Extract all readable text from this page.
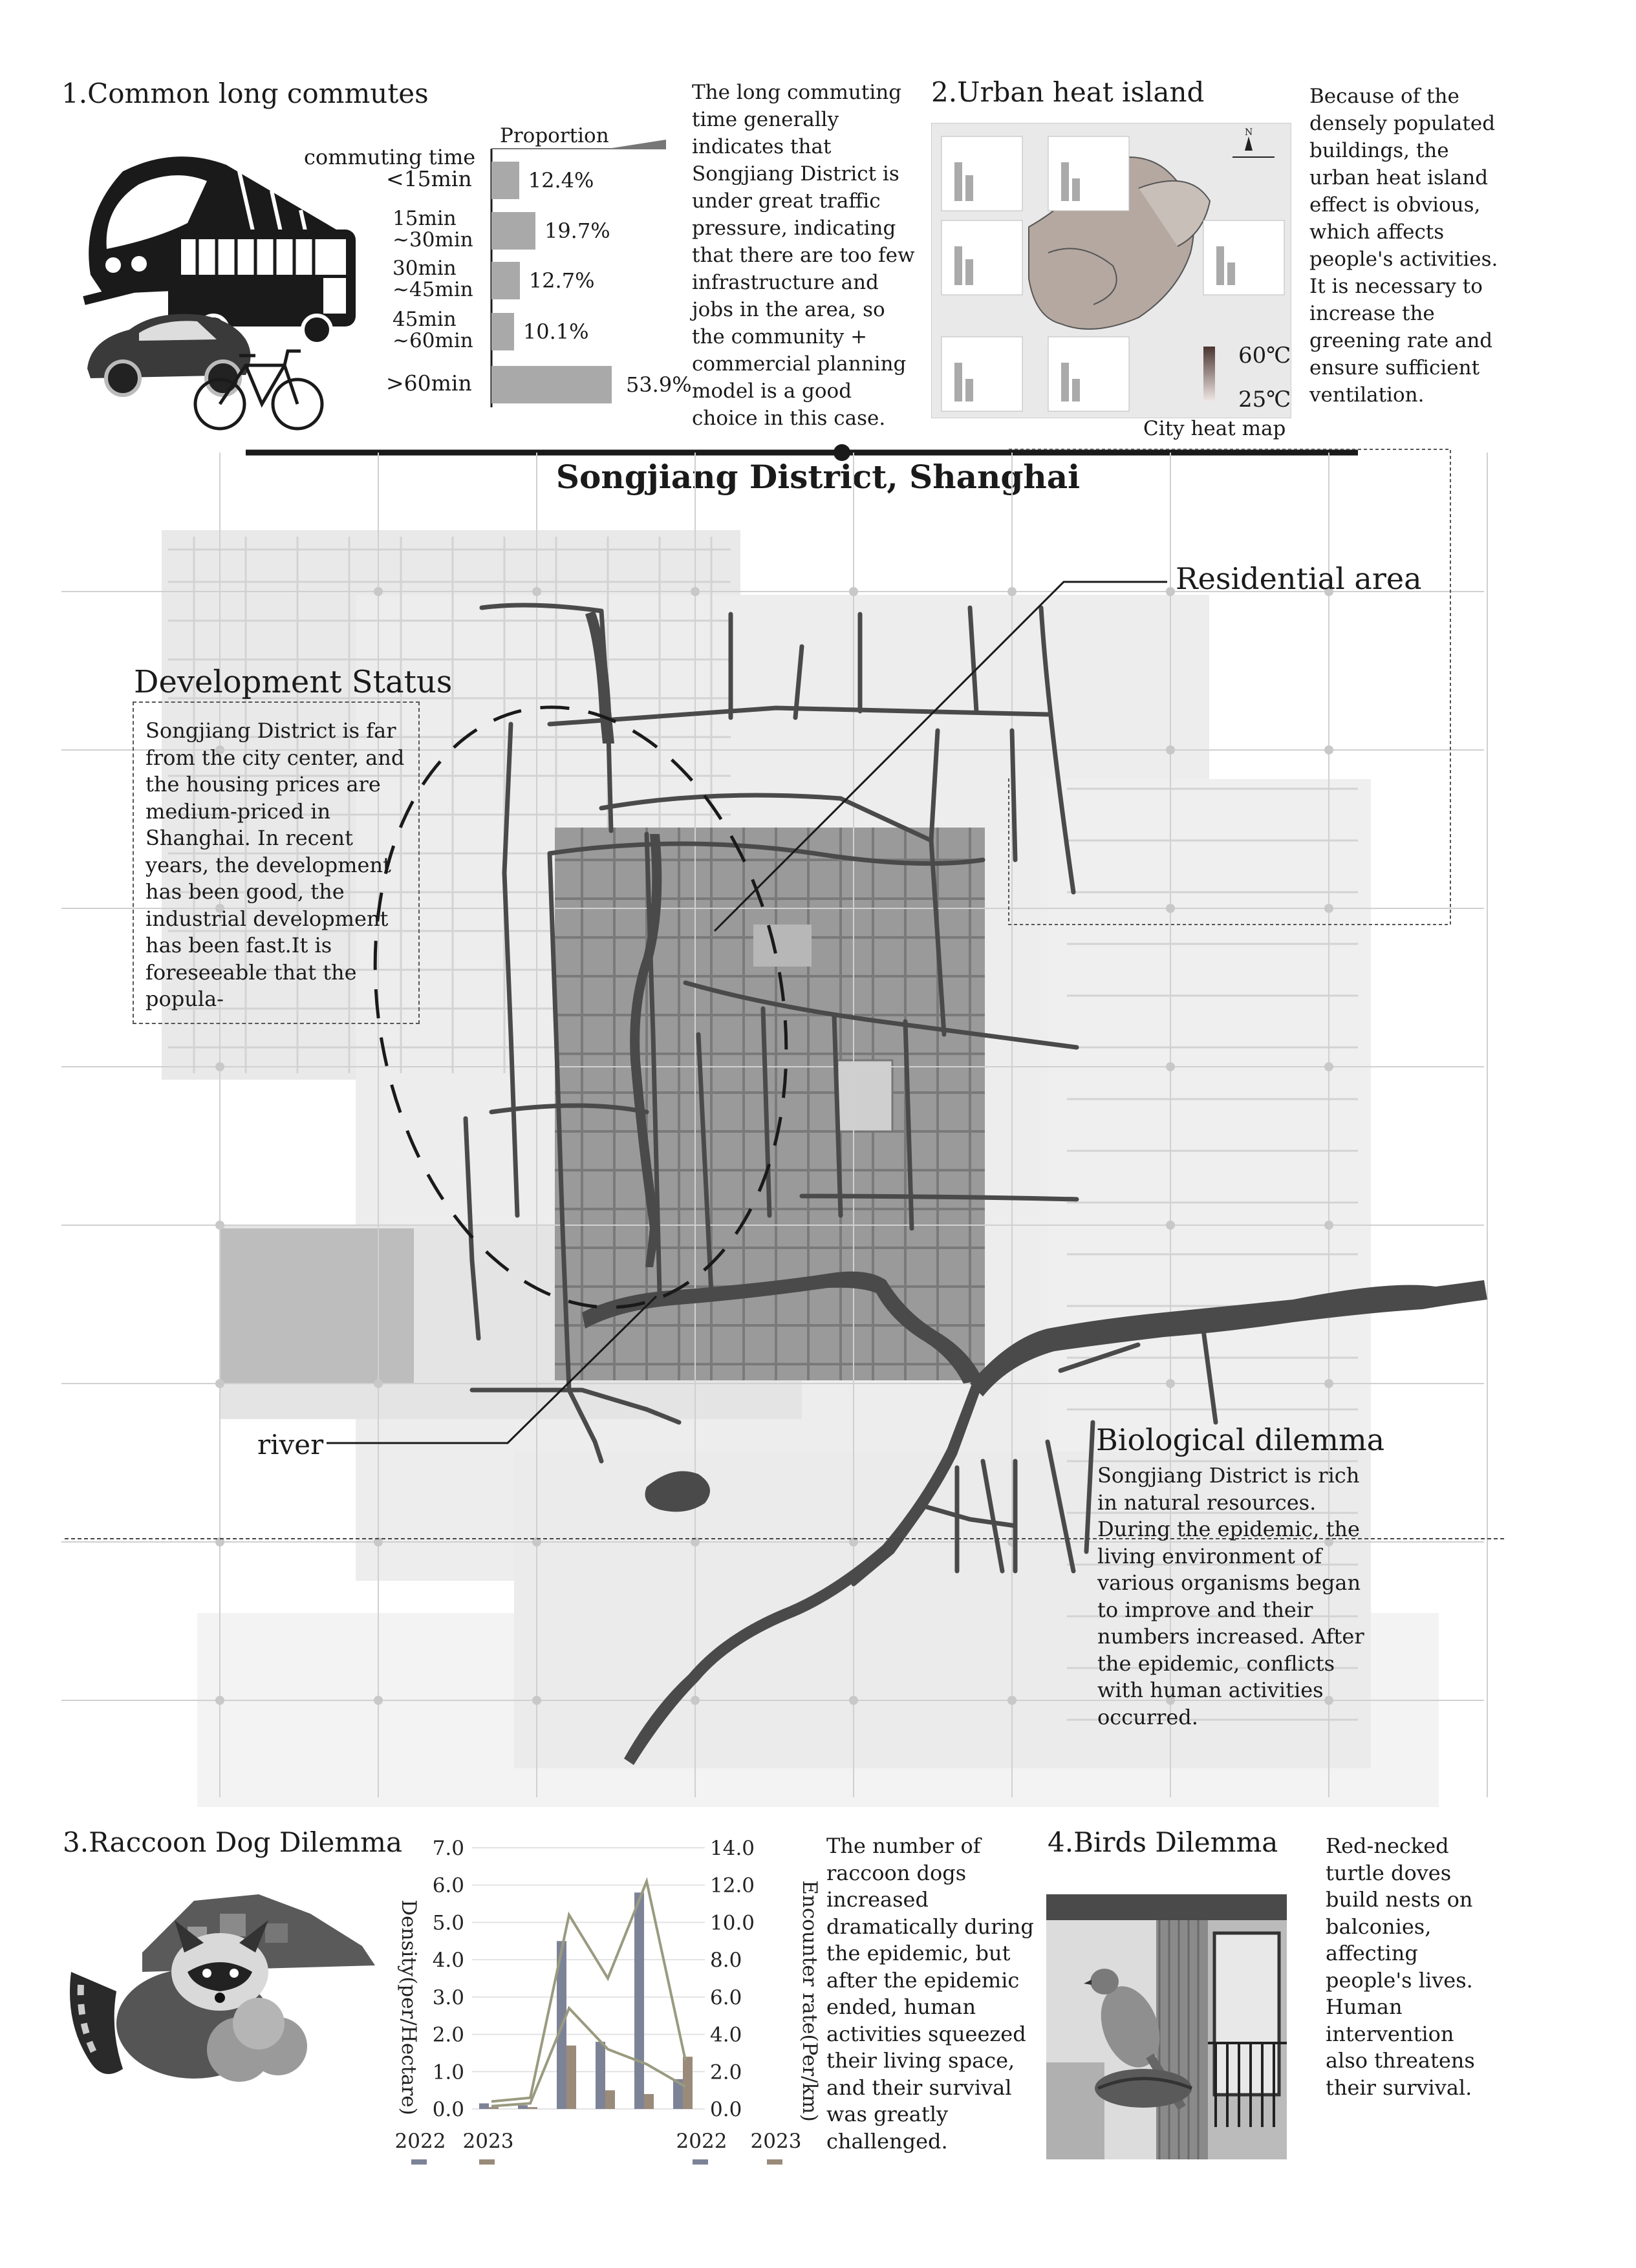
1.Common long commutes
Proportion
commuting time
12.4%
<15min
19.7%
15min
~30min
12.7%
30min
~45min
10.1%
45min
~60min
53.9%
>60min
The long commuting time generally indicates that Songjiang District is under great traffic pressure, indicating that there are too few infrastructure and jobs in the area, so the community + commercial planning model is a good choice in this case.
2.Urban heat island
N
60℃
25℃
City heat map
Because of the densely populated buildings, the urban heat island effect is obvious, which affects people's activities. It is necessary to increase the greening rate and ensure sufficient ventilation.
Songjiang District, Shanghai
Residential area
river
Development Status
Songjiang District is far from the city center, and the housing prices are medium-priced in Shanghai. In recent years, the development has been good, the industrial development has been fast.It is foreseeable that the popula-
Biological dilemma
Songjiang District is rich in natural resources. During the epidemic, the living environment of various organisms began to improve and their numbers increased. After the epidemic, conflicts with human activities occurred.
3.Raccoon Dog Dilemma
0.0	0.0
1.0	2.0
2.0	4.0
3.0	6.0
4.0	8.0
5.0	10.0
6.0	12.0
7.0	14.0
Density(per/Hectare)	Encounter rate(Per/km)
2022 2023	2022 2023
The number of raccoon dogs increased dramatically during the epidemic, but after the epidemic ended, human activities squeezed their living space, and their survival was greatly challenged.
4.Birds Dilemma Red-necked turtle doves build nests on balconies, affecting people's lives. Human intervention also threatens their survival.
